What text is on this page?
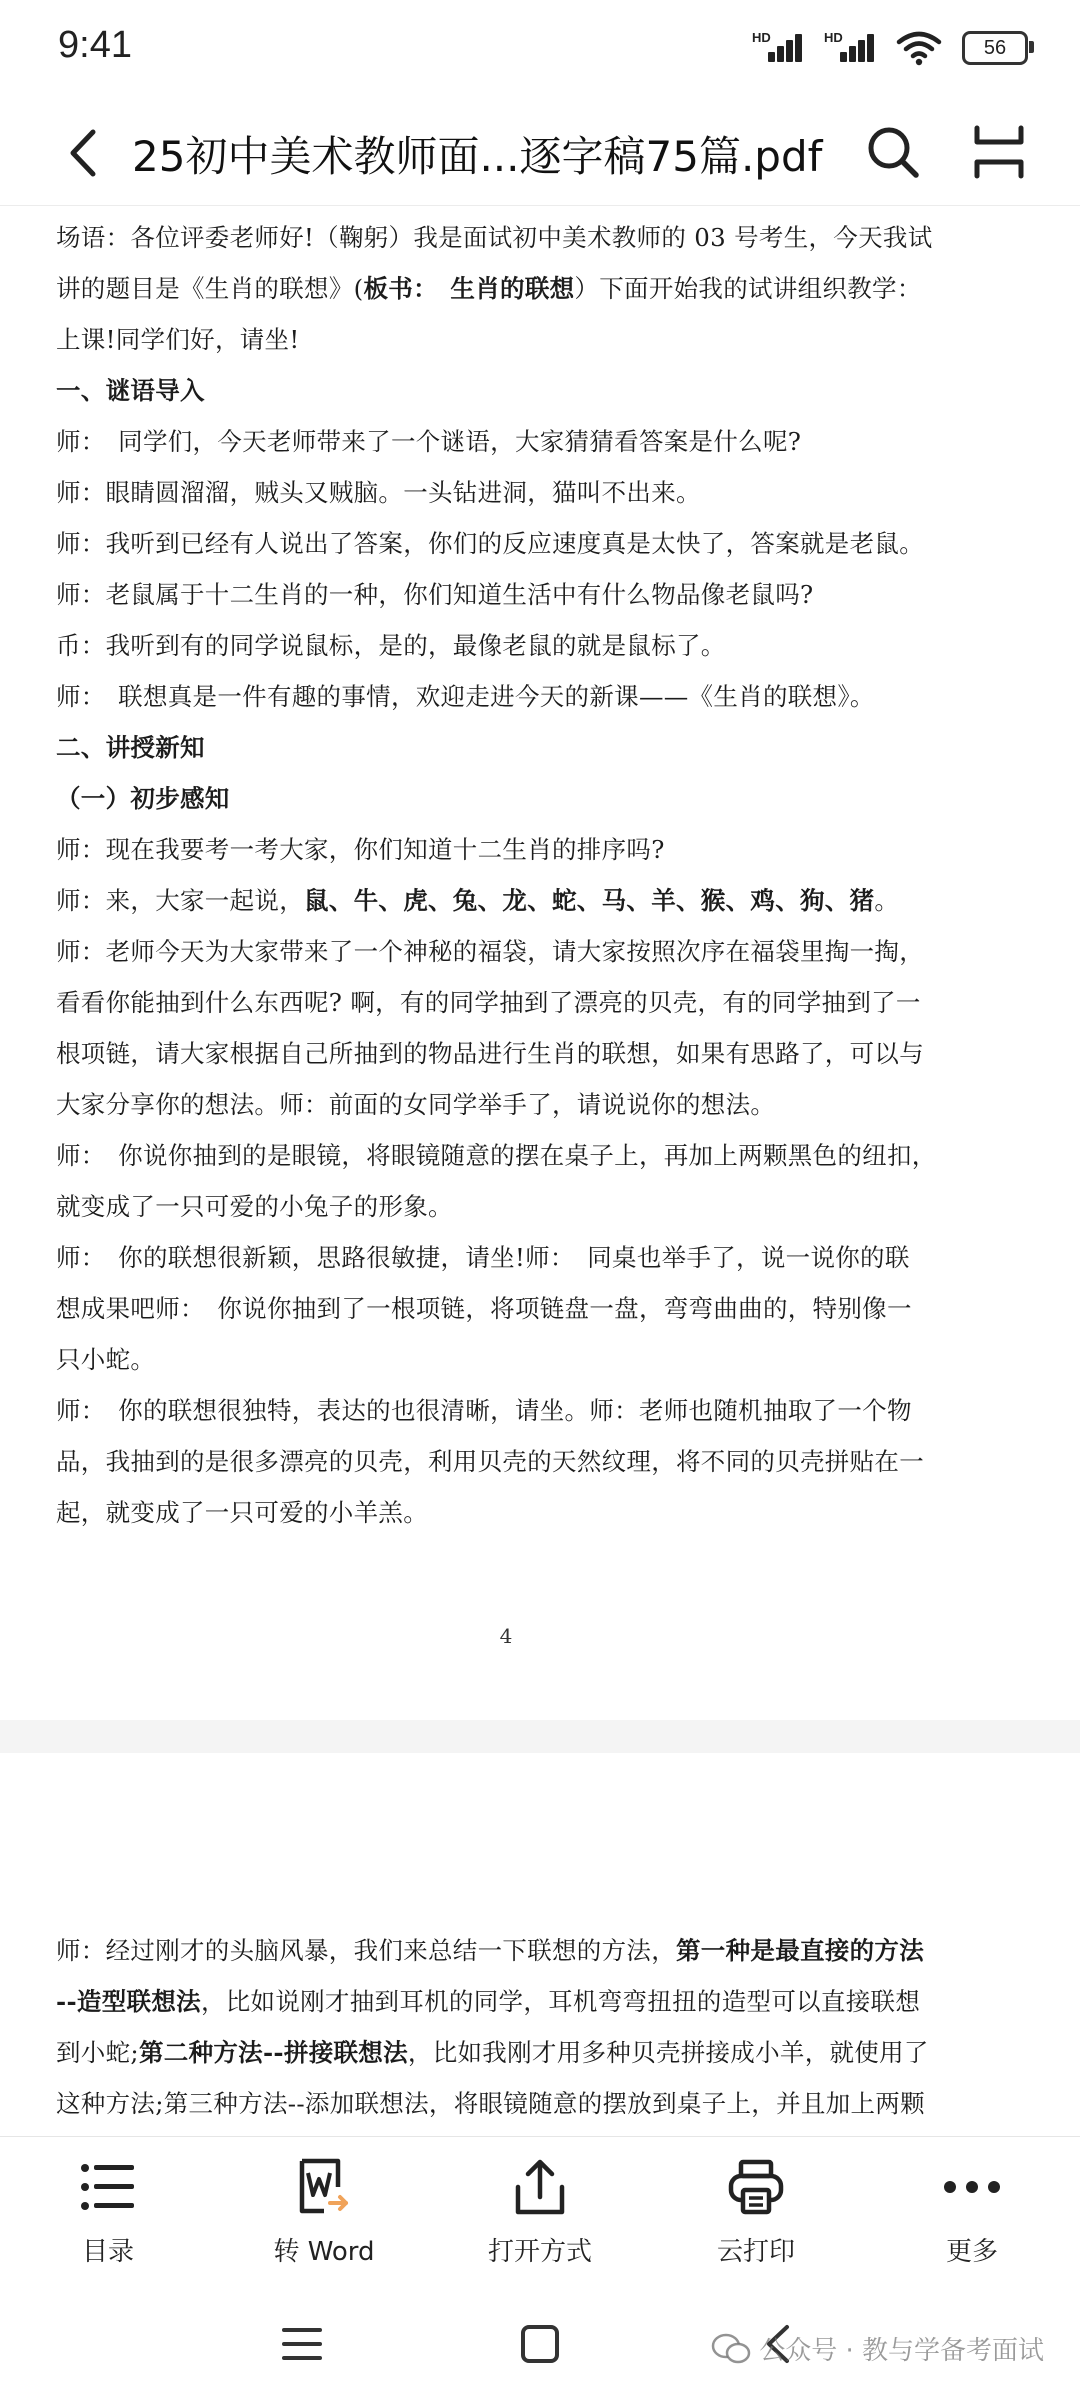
9:41	HD	HD	56
25初中美术教师面...逐字稿75篇.pdf
场语：各位评委老师好!（鞠躬）我是面试初中美术教师的 03 号考生，今天我试
讲的题目是《生肖的联想》(板书：　生肖的联想）下面开始我的试讲组织教学：
上课!同学们好，请坐!
一、谜语导入
师：　同学们，今天老师带来了一个谜语，大家猜猜看答案是什么呢?
师：眼睛圆溜溜，贼头又贼脑。一头钻进洞，猫叫不出来。
师：我听到已经有人说出了答案，你们的反应速度真是太快了，答案就是老鼠。
师：老鼠属于十二生肖的一种，你们知道生活中有什么物品像老鼠吗?
币：我听到有的同学说鼠标，是的，最像老鼠的就是鼠标了。
师：　联想真是一件有趣的事情，欢迎走进今天的新课——《生肖的联想》。
二、讲授新知
（一）初步感知
师：现在我要考一考大家，你们知道十二生肖的排序吗?
师：来，大家一起说，鼠、牛、虎、兔、龙、蛇、马、羊、猴、鸡、狗、猪。
师：老师今天为大家带来了一个神秘的福袋，请大家按照次序在福袋里掏一掏，
看看你能抽到什么东西呢? 啊，有的同学抽到了漂亮的贝壳，有的同学抽到了一
根项链，请大家根据自己所抽到的物品进行生肖的联想，如果有思路了，可以与
大家分享你的想法。师：前面的女同学举手了，请说说你的想法。
师：　你说你抽到的是眼镜，将眼镜随意的摆在桌子上，再加上两颗黑色的纽扣，
就变成了一只可爱的小兔子的形象。
师：　你的联想很新颖，思路很敏捷，请坐!师：　同桌也举手了，说一说你的联
想成果吧师：　你说你抽到了一根项链，将项链盘一盘，弯弯曲曲的，特别像一
只小蛇。
师：　你的联想很独特，表达的也很清晰，请坐。师：老师也随机抽取了一个物
品，我抽到的是很多漂亮的贝壳，利用贝壳的天然纹理，将不同的贝壳拼贴在一
起，就变成了一只可爱的小羊羔。
4
师：经过刚才的头脑风暴，我们来总结一下联想的方法，第一种是最直接的方法
--造型联想法，比如说刚才抽到耳机的同学，耳机弯弯扭扭的造型可以直接联想
到小蛇;第二种方法--拼接联想法，比如我刚才用多种贝壳拼接成小羊，就使用了
这种方法;第三种方法--添加联想法，将眼镜随意的摆放到桌子上，并且加上两颗
目录	转 Word	打开方式	云打印	更多
公众号 · 教与学备考面试
